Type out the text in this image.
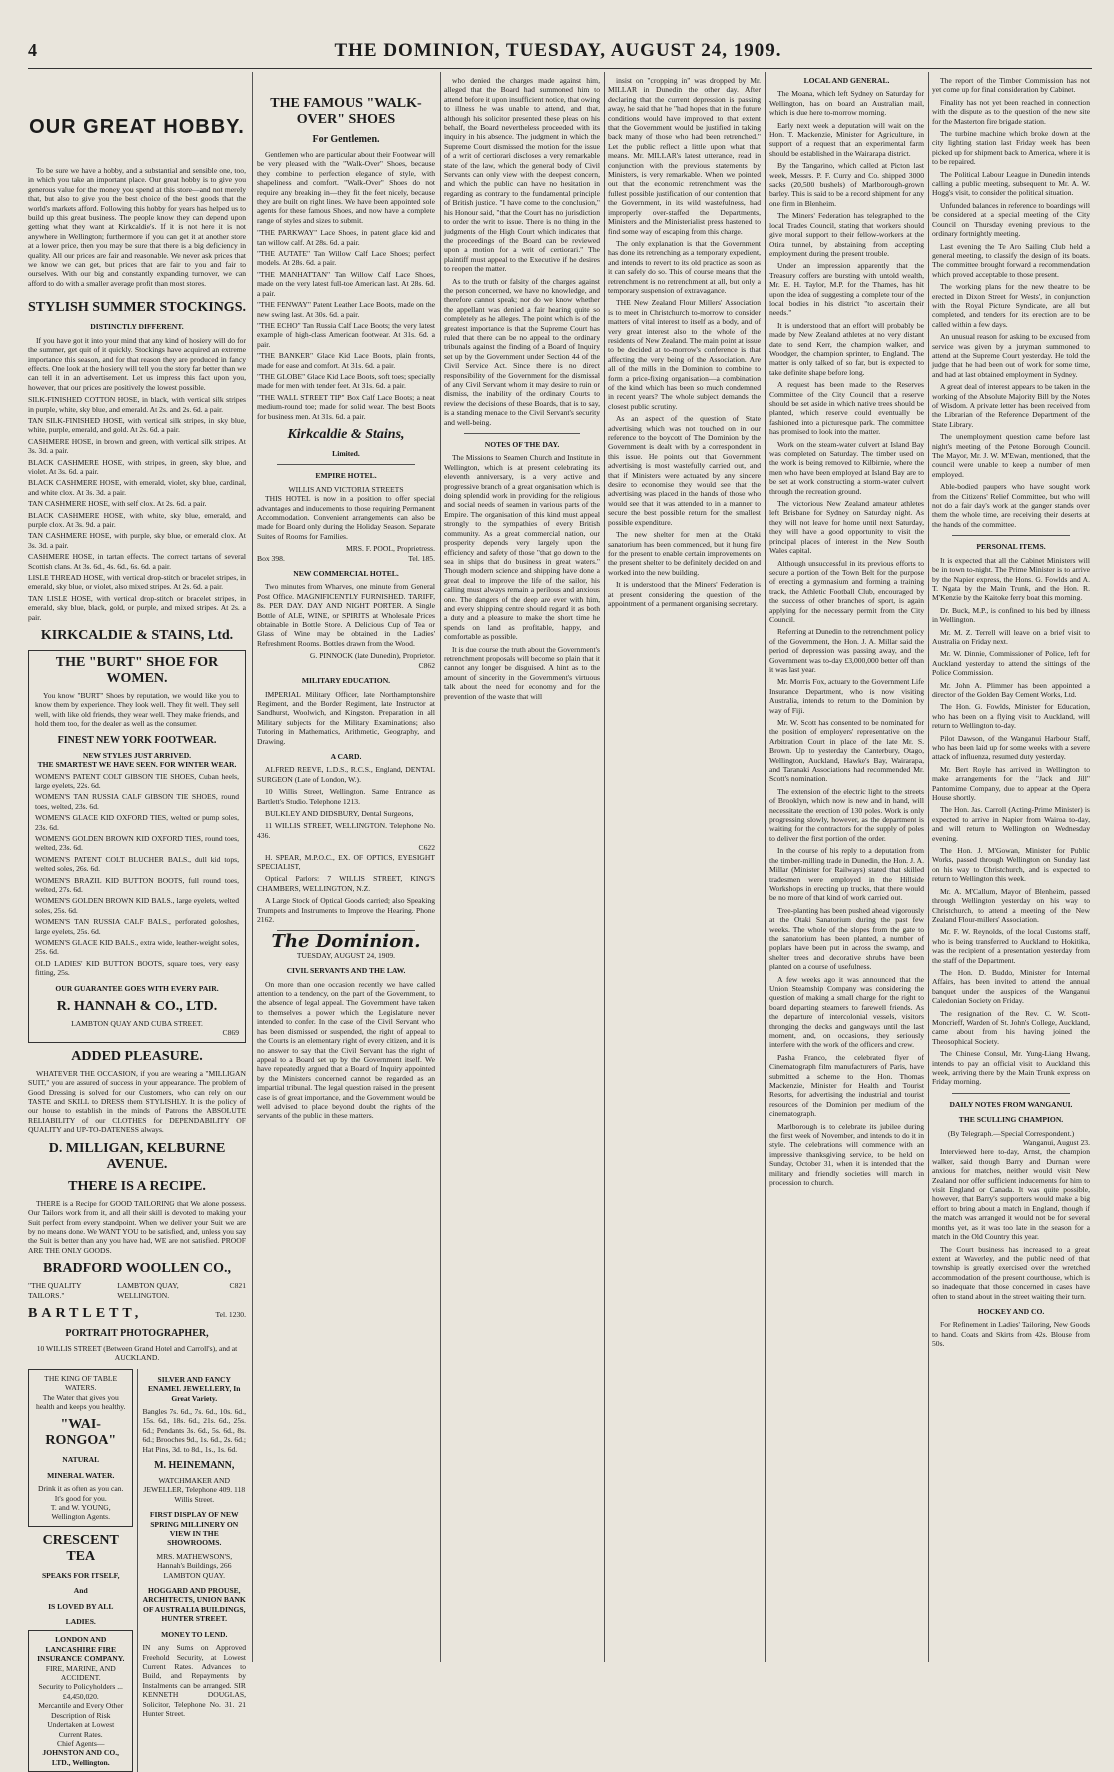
4	THE DOMINION, TUESDAY, AUGUST 24, 1909.
OUR GREAT HOBBY.

To be sure we have a hobby, and a substantial and sensible one, too, in which you take an important place. Our great hobby is to give you generous value for the money you spend at this store—and not merely that, but also to give you the best choice of the best goods that the world's markets afford. Following this hobby for years has helped us to build up this great business. The people know they can depend upon getting what they want at Kirkcaldie's. If it is not here it is not anywhere in Wellington; furthermore if you can get it at another store at a lower price, then you may be sure that there is a big deficiency in quality. All our prices are fair and reasonable. We never ask prices that we know we can get, but prices that are fair to you and fair to ourselves. With our big and constantly expanding turnover, we can afford to do with a smaller average profit than most stores.

STYLISH SUMMER STOCKINGS.
DISTINCTLY DIFFERENT.

If you have got it into your mind that any kind of hosiery will do for the summer, get quit of it quickly. Stockings have acquired an extreme importance this season, and for that reason they are produced in fancy effects. One look at the hosiery will tell you the story far better than we can tell it in an advertisement. Let us impress this fact upon you, however, that our prices are positively the lowest possible.

SILK-FINISHED COTTON HOSE, in black, with vertical silk stripes in purple, white, sky blue, and emerald. At 2s. and 2s. 6d. a pair.

TAN SILK-FINISHED HOSE, with vertical silk stripes, in sky blue, white, purple, emerald, and gold. At 2s. 6d. a pair.

CASHMERE HOSE, in brown and green, with vertical silk stripes. At 3s. 3d. a pair.

BLACK CASHMERE HOSE, with stripes, in green, sky blue, and violet. At 3s. 6d. a pair.

BLACK CASHMERE HOSE, with emerald, violet, sky blue, cardinal, and white clox. At 3s. 3d. a pair.

TAN CASHMERE HOSE, with self clox. At 2s. 6d. a pair.

BLACK CASHMERE HOSE, with white, sky blue, emerald, and purple clox. At 3s. 9d. a pair.

TAN CASHMERE HOSE, with purple, sky blue, or emerald clox. At 3s. 3d. a pair.

CASHMERE HOSE, in tartan effects. The correct tartans of several Scottish clans. At 3s. 6d., 4s. 6d., 6s. 6d. a pair.

LISLE THREAD HOSE, with vertical drop-stitch or bracelet stripes, in emerald, sky blue, or violet, also mixed stripes. At 2s. 6d. a pair.

TAN LISLE HOSE, with vertical drop-stitch or bracelet stripes, in emerald, sky blue, black, gold, or purple, and mixed stripes. At 2s. a pair.

KIRKCALDIE & STAINS, Ltd.
THE "BURT" SHOE FOR WOMEN.

You know "BURT" Shoes by reputation, we would like you to know them by experience. They look well. They fit well. They sell well, with like old friends, they wear well. They make friends, and hold them too, for the dealer as well as the consumer.

FINEST NEW YORK FOOTWEAR.
NEW STYLES JUST ARRIVED.
THE SMARTEST WE HAVE SEEN. FOR WINTER WEAR.

WOMEN'S PATENT COLT GIBSON TIE SHOES, Cuban heels, large eyelets, 22s. 6d.

WOMEN'S TAN RUSSIA CALF GIBSON TIE SHOES, round toes, welted, 23s. 6d.

WOMEN'S GLACE KID OXFORD TIES, welted or pump soles, 23s. 6d.

WOMEN'S GOLDEN BROWN KID OXFORD TIES, round toes, welted, 23s. 6d.

WOMEN'S PATENT COLT BLUCHER BALS., dull kid tops, welted soles, 26s. 6d.

WOMEN'S BRAZIL KID BUTTON BOOTS, full round toes, welted, 27s. 6d.

WOMEN'S GOLDEN BROWN KID BALS., large eyelets, welted soles, 25s. 6d.

WOMEN'S TAN RUSSIA CALF BALS., perforated goloshes, large eyelets, 25s. 6d.

WOMEN'S GLACE KID BALS., extra wide, leather-weight soles, 25s. 6d.

OLD LADIES' KID BUTTON BOOTS, square toes, very easy fitting, 25s.

OUR GUARANTEE GOES WITH EVERY PAIR.
R. HANNAH & CO., LTD.
LAMBTON QUAY AND CUBA STREET.
C869
ADDED PLEASURE.

WHATEVER THE OCCASION, if you are wearing a "MILLIGAN SUIT," you are assured of success in your appearance. The problem of Good Dressing is solved for our Customers, who can rely on our TASTE and SKILL to DRESS them STYLISHLY. It is the policy of our house to establish in the minds of Patrons the ABSOLUTE RELIABILITY of our CLOTHES for DEPENDABILITY OF QUALITY and UP-TO-DATENESS always.

D. MILLIGAN, KELBURNE AVENUE.
THERE IS A RECIPE.

THERE is a Recipe for GOOD TAILORING that We alone possess. Our Tailors work from it, and all their skill is devoted to making your Suit perfect from every standpoint. When we deliver your Suit we are by no means done. We WANT YOU to be satisfied, and, unless you say the Suit is better than any you have had, WE are not satisfied. PROOF ARE THE ONLY GOODS.

BRADFORD WOOLLEN CO.,
"THE QUALITY TAILORS."
LAMBTON QUAY, WELLINGTON.
C821
BARTLETT,	Tel. 1230.
PORTRAIT PHOTOGRAPHER,
10 WILLIS STREET (Between Grand Hotel and Carroll's), and at AUCKLAND.
THE KING OF TABLE WATERS.
The Water that gives you health and keeps you healthy.
"WAI-RONGOA"
NATURAL
MINERAL WATER.
Drink it as often as you can. It's good for you.
T. and W. YOUNG, Wellington Agents.
CRESCENT TEA
SPEAKS FOR ITSELF,
And
IS LOVED BY ALL
LADIES.
LONDON AND LANCASHIRE FIRE INSURANCE COMPANY.
FIRE, MARINE, AND ACCIDENT.
Security to Policyholders ... £4,450,020.
Mercantile and Every Other Description of Risk Undertaken at Lowest Current Rates.
Chief Agents—
JOHNSTON AND CO., LTD., Wellington.
SILVER AND FANCY ENAMEL JEWELLERY, In Great Variety.

Bangles 7s. 6d., 7s. 6d., 10s. 6d., 15s. 6d., 18s. 6d., 21s. 6d., 25s. 6d.; Pendants 3s. 6d., 5s. 6d., 8s. 6d.; Brooches 9d., 1s. 6d., 2s. 6d.; Hat Pins, 3d. to 8d., 1s., 1s. 6d.

M. HEINEMANN,
WATCHMAKER AND JEWELLER, Telephone 409. 118 Willis Street.
FIRST DISPLAY OF NEW SPRING MILLINERY ON VIEW IN THE SHOWROOMS.
MRS. MATHEWSON'S, Hannah's Buildings, 266 LAMBTON QUAY.
HOGGARD AND PROUSE, ARCHITECTS, UNION BANK OF AUSTRALIA BUILDINGS, HUNTER STREET.
MONEY TO LEND.

IN any Sums on Approved Freehold Security, at Lowest Current Rates. Advances to Build, and Repayments by Instalments can be arranged. SIR KENNETH DOUGLAS, Solicitor, Telephone No. 31. 21 Hunter Street.

THE FAMOUS "WALK-OVER" SHOES
For Gentlemen.

Gentlemen who are particular about their Footwear will be very pleased with the "Walk-Over" Shoes, because they combine to perfection elegance of style, with shapeliness and comfort. "Walk-Over" Shoes do not require any breaking in—they fit the feet nicely, because they are built on right lines. We have been appointed sole agents for these famous Shoes, and now have a complete range of styles and sizes to submit.

"THE PARKWAY" Lace Shoes, in patent glace kid and tan willow calf. At 28s. 6d. a pair.

"THE AUTATE" Tan Willow Calf Lace Shoes; perfect models. At 28s. 6d. a pair.

"THE MANHATTAN" Tan Willow Calf Lace Shoes, made on the very latest full-toe American last. At 28s. 6d. a pair.

"THE FENWAY" Patent Leather Lace Boots, made on the new swing last. At 30s. 6d. a pair.

"THE ECHO" Tan Russia Calf Lace Boots; the very latest example of high-class American footwear. At 31s. 6d. a pair.

"THE BANKER" Glace Kid Lace Boots, plain fronts, made for ease and comfort. At 31s. 6d. a pair.

"THE GLOBE" Glace Kid Lace Boots, soft toes; specially made for men with tender feet. At 31s. 6d. a pair.

"THE WALL STREET TIP" Box Calf Lace Boots; a neat medium-round toe; made for solid wear. The best Boots for business men. At 31s. 6d. a pair.

Kirkcaldie & Stains,
Limited.
EMPIRE HOTEL.
WILLIS AND VICTORIA STREETS

THIS HOTEL is now in a position to offer special advantages and inducements to those requiring Permanent Accommodation. Convenient arrangements can also be made for Board only during the Holiday Season. Separate Suites of Rooms for Families.

MRS. F. POOL, Proprietress.
Box 398.	Tel. 185.
NEW COMMERCIAL HOTEL.

Two minutes from Wharves, one minute from General Post Office. MAGNIFICENTLY FURNISHED. TARIFF, 8s. PER DAY. DAY AND NIGHT PORTER. A Single Bottle of ALE, WINE, or SPIRITS at Wholesale Prices obtainable in Bottle Store. A Delicious Cup of Tea or Glass of Wine may be obtained in the Ladies' Refreshment Rooms. Bottles drawn from the Wood.

G. PINNOCK (late Dunedin), Proprietor.
C862
MILITARY EDUCATION.

IMPERIAL Military Officer, late Northamptonshire Regiment, and the Border Regiment, late Instructor at Sandhurst, Woolwich, and Kingston. Preparation in all Military subjects for the Military Examinations; also Tutoring in Mathematics, Arithmetic, Geography, and Drawing.

A CARD.

ALFRED REEVE, L.D.S., R.C.S., England, DENTAL SURGEON (Late of London, W.).

10 Willis Street, Wellington. Same Entrance as Bartlett's Studio. Telephone 1213.

BULKLEY AND DIDSBURY, Dental Surgeons,

11 WILLIS STREET, WELLINGTON. Telephone No. 436.

C622

H. SPEAR, M.P.O.C., EX. OF OPTICS, EYESIGHT SPECIALIST,

Optical Parlors: 7 WILLIS STREET, KING'S CHAMBERS, WELLINGTON, N.Z.

A Large Stock of Optical Goods carried; also Speaking Trumpets and Instruments to Improve the Hearing. Phone 2162.

The Dominion.
TUESDAY, AUGUST 24, 1909.
CIVIL SERVANTS AND THE LAW.

On more than one occasion recently we have called attention to a tendency, on the part of the Government, to the absence of legal appeal. The Government have taken to themselves a power which the Legislature never intended to confer. In the case of the Civil Servant who has been dismissed or suspended, the right of appeal to the Courts is an elementary right of every citizen, and it is no answer to say that the Civil Servant has the right of appeal to a Board set up by the Government itself. We have repeatedly argued that a Board of Inquiry appointed by the Ministers concerned cannot be regarded as an impartial tribunal. The legal question raised in the present case is of great importance, and the Government would be well advised to place beyond doubt the rights of the servants of the public in these matters.

who denied the charges made against him, alleged that the Board had summoned him to attend before it upon insufficient notice, that owing to illness he was unable to attend, and that, although his solicitor presented these pleas on his behalf, the Board nevertheless proceeded with its inquiry in his absence. The judgment in which the Supreme Court dismissed the motion for the issue of a writ of certiorari discloses a very remarkable state of the law, which the general body of Civil Servants can only view with the deepest concern, and which the public can have no hesitation in regarding as contrary to the fundamental principle of British justice. "I have come to the conclusion," his Honour said, "that the Court has no jurisdiction to order the writ to issue. There is no thing in the judgments of the High Court which indicates that the proceedings of the Board can be reviewed upon a motion for a writ of certiorari." The plaintiff must appeal to the Executive if he desires to reopen the matter.

As to the truth or falsity of the charges against the person concerned, we have no knowledge, and therefore cannot speak; nor do we know whether the appellant was denied a fair hearing quite so completely as he alleges. The point which is of the greatest importance is that the Supreme Court has ruled that there can be no appeal to the ordinary tribunals against the finding of a Board of Inquiry set up by the Government under Section 44 of the Civil Service Act. Since there is no direct responsibility of the Government for the dismissal of any Civil Servant whom it may desire to ruin or dismiss, the inability of the ordinary Courts to review the decisions of these Boards, that is to say, is a standing menace to the Civil Servant's security and well-being.

NOTES OF THE DAY.

The Missions to Seamen Church and Institute in Wellington, which is at present celebrating its eleventh anniversary, is a very active and progressive branch of a great organisation which is doing splendid work in providing for the religious and social needs of seamen in various parts of the Empire. The organisation of this kind must appeal strongly to the sympathies of every British community. As a great commercial nation, our prosperity depends very largely upon the efficiency and safety of those "that go down to the sea in ships that do business in great waters." Though modern science and shipping have done a great deal to improve the life of the sailor, his calling must always remain a perilous and anxious one. The dangers of the deep are ever with him, and every shipping centre should regard it as both a duty and a pleasure to make the short time he spends on land as profitable, happy, and comfortable as possible.

It is due course the truth about the Government's retrenchment proposals will become so plain that it cannot any longer be disguised. A hint as to the amount of sincerity in the Government's virtuous talk about the need for economy and for the prevention of the waste that will

insist on "cropping in" was dropped by Mr. MILLAR in Dunedin the other day. After declaring that the current depression is passing away, he said that he "had hopes that in the future conditions would have improved to that extent that the Government would be justified in taking back many of those who had been retrenched." Let the public reflect a little upon what that means. Mr. MILLAR's latest utterance, read in conjunction with the previous statements by Ministers, is very remarkable. When we pointed out that the economic retrenchment was the fullest possible justification of our contention that the Government, in its wild wastefulness, had improperly over-staffed the Departments, Ministers and the Ministerialist press hastened to find some way of escaping from this charge.

The only explanation is that the Government has done its retrenching as a temporary expedient, and intends to revert to its old practice as soon as it can safely do so. This of course means that the retrenchment is no retrenchment at all, but only a temporary suspension of extravagance.

THE New Zealand Flour Millers' Association is to meet in Christchurch to-morrow to consider matters of vital interest to itself as a body, and of very great interest also to the whole of the residents of New Zealand. The main point at issue to be decided at to-morrow's conference is that affecting the very being of the Association. Are all of the mills in the Dominion to combine to form a price-fixing organisation—a combination of the kind which has been so much condemned in recent years? The whole subject demands the closest public scrutiny.

As an aspect of the question of State advertising which was not touched on in our reference to the boycott of The Dominion by the Government is dealt with by a correspondent in this issue. He points out that Government advertising is most wastefully carried out, and that if Ministers were actuated by any sincere desire to economise they would see that the advertising was placed in the hands of those who would see that it was attended to in a manner to secure the best possible return for the smallest possible expenditure.

The new shelter for men at the Otaki sanatorium has been commenced, but it hung fire for the present to enable certain improvements on the present shelter to be definitely decided on and worked into the new building.

It is understood that the Miners' Federation is at present considering the question of the appointment of a permanent organising secretary.

LOCAL AND GENERAL.

The Moana, which left Sydney on Saturday for Wellington, has on board an Australian mail, which is due here to-morrow morning.

Early next week a deputation will wait on the Hon. T. Mackenzie, Minister for Agriculture, in support of a request that an experimental farm should be established in the Wairarapa district.

By the Tangarino, which called at Picton last week, Messrs. P. F. Curry and Co. shipped 3000 sacks (20,500 bushels) of Marlborough-grown barley. This is said to be a record shipment for any one firm in Blenheim.

The Miners' Federation has telegraphed to the local Trades Council, stating that workers should give moral support to their fellow-workers at the Otira tunnel, by abstaining from accepting employment during the present trouble.

Under an impression apparently that the Treasury coffers are bursting with untold wealth, Mr. E. H. Taylor, M.P. for the Thames, has hit upon the idea of suggesting a complete tour of the local bodies in his district "to ascertain their needs."

It is understood that an effort will probably be made by New Zealand athletes at no very distant date to send Kerr, the champion walker, and Woodger, the champion sprinter, to England. The matter is only talked of so far, but is expected to take definite shape before long.

A request has been made to the Reserves Committee of the City Council that a reserve should be set aside in which native trees should be planted, which reserve could eventually be fashioned into a picturesque park. The committee has promised to look into the matter.

Work on the steam-water culvert at Island Bay was completed on Saturday. The timber used on the work is being removed to Kilbirnie, where the men who have been employed at Island Bay are to be set at work constructing a storm-water culvert through the recreation ground.

The victorious New Zealand amateur athletes left Brisbane for Sydney on Saturday night. As they will not leave for home until next Saturday, they will have a good opportunity to visit the principal places of interest in the New South Wales capital.

Although unsuccessful in its previous efforts to secure a portion of the Town Belt for the purpose of erecting a gymnasium and forming a training track, the Athletic Football Club, encouraged by the success of other branches of sport, is again applying for the necessary permit from the City Council.

Referring at Dunedin to the retrenchment policy of the Government, the Hon. J. A. Millar said the period of depression was passing away, and the Government was to-day £3,000,000 better off than it was last year.

Mr. Morris Fox, actuary to the Government Life Insurance Department, who is now visiting Australia, intends to return to the Dominion by way of Fiji.

Mr. W. Scott has consented to be nominated for the position of employers' representative on the Arbitration Court in place of the late Mr. S. Brown. Up to yesterday the Canterbury, Otago, Wellington, Auckland, Hawke's Bay, Wairarapa, and Taranaki Associations had recommended Mr. Scott's nomination.

The extension of the electric light to the streets of Brooklyn, which now is new and in hand, will necessitate the erection of 130 poles. Work is only progressing slowly, however, as the department is waiting for the contractors for the supply of poles to deliver the first portion of the order.

In the course of his reply to a deputation from the timber-milling trade in Dunedin, the Hon. J. A. Millar (Minister for Railways) stated that skilled tradesmen were employed in the Hillside Workshops in erecting up trucks, that there would be no more of that kind of work carried out.

Tree-planting has been pushed ahead vigorously at the Otaki Sanatorium during the past few weeks. The whole of the slopes from the gate to the sanatorium has been planted, a number of poplars have been put in across the swamp, and shelter trees and decorative shrubs have been planted on a course of usefulness.

A few weeks ago it was announced that the Union Steamship Company was considering the question of making a small charge for the right to board departing steamers to farewell friends. As the departure of intercolonial vessels, visitors thronging the decks and gangways until the last moment, and, on occasions, they seriously interfere with the work of the officers and crew.

Pasha Franco, the celebrated flyer of Cinematograph film manufacturers of Paris, have submitted a scheme to the Hon. Thomas Mackenzie, Minister for Health and Tourist Resorts, for advertising the industrial and tourist resources of the Dominion per medium of the cinematograph.

Marlborough is to celebrate its jubilee during the first week of November, and intends to do it in style. The celebrations will commence with an impressive thanksgiving service, to be held on Sunday, October 31, when it is intended that the military and friendly societies will march in procession to church.

The report of the Timber Commission has not yet come up for final consideration by Cabinet.

Finality has not yet been reached in connection with the dispute as to the question of the new site for the Masterton fire brigade station.

The turbine machine which broke down at the city lighting station last Friday week has been picked up for shipment back to America, where it is to be repaired.

The Political Labour League in Dunedin intends calling a public meeting, subsequent to Mr. A. W. Hogg's visit, to consider the political situation.

Unfunded balances in reference to boardings will be considered at a special meeting of the City Council on Thursday evening previous to the ordinary fortnightly meeting.

Last evening the Te Aro Sailing Club held a general meeting, to classify the design of its boats. The committee brought forward a recommendation which proved acceptable to those present.

The working plans for the new theatre to be erected in Dixon Street for Wests', in conjunction with the Royal Picture Syndicate, are all but completed, and tenders for its erection are to be called within a few days.

An unusual reason for asking to be excused from service was given by a juryman summoned to attend at the Supreme Court yesterday. He told the judge that he had been out of work for some time, and had at last obtained employment in Sydney.

A great deal of interest appears to be taken in the working of the Absolute Majority Bill by the Notes of Wisdom. A private letter has been received from the Librarian of the Reference Department of the State Library.

The unemployment question came before last night's meeting of the Petone Borough Council. The Mayor, Mr. J. W. M'Ewan, mentioned, that the council were unable to keep a number of men employed.

Able-bodied paupers who have sought work from the Citizens' Relief Committee, but who will not do a fair day's work at the ganger stands over them the whole time, are receiving their deserts at the hands of the committee.

PERSONAL ITEMS.

It is expected that all the Cabinet Ministers will be in town to-night. The Prime Minister is to arrive by the Napier express, the Hons. G. Fowlds and A. T. Ngata by the Main Trunk, and the Hon. R. M'Kenzie by the Kaitoke ferry boat this morning.

Dr. Buck, M.P., is confined to his bed by illness in Wellington.

Mr. M. Z. Terrell will leave on a brief visit to Australia on Friday next.

Mr. W. Dinnie, Commissioner of Police, left for Auckland yesterday to attend the sittings of the Police Commission.

Mr. John A. Plimmer has been appointed a director of the Golden Bay Cement Works, Ltd.

The Hon. G. Fowlds, Minister for Education, who has been on a flying visit to Auckland, will return to Wellington to-day.

Pilot Dawson, of the Wanganui Harbour Staff, who has been laid up for some weeks with a severe attack of influenza, resumed duty yesterday.

Mr. Bert Royle has arrived in Wellington to make arrangements for the "Jack and Jill" Pantomime Company, due to appear at the Opera House shortly.

The Hon. Jas. Carroll (Acting-Prime Minister) is expected to arrive in Napier from Wairoa to-day, and will return to Wellington on Wednesday evening.

The Hon. J. M'Gowan, Minister for Public Works, passed through Wellington on Sunday last on his way to Christchurch, and is expected to return to Wellington this week.

Mr. A. M'Callum, Mayor of Blenheim, passed through Wellington yesterday on his way to Christchurch, to attend a meeting of the New Zealand Flour-millers' Association.

Mr. F. W. Reynolds, of the local Customs staff, who is being transferred to Auckland to Hokitika, was the recipient of a presentation yesterday from the staff of the Department.

The Hon. D. Buddo, Minister for Internal Affairs, has been invited to attend the annual banquet under the auspices of the Wanganui Caledonian Society on Friday.

The resignation of the Rev. C. W. Scott-Moncrieff, Warden of St. John's College, Auckland, came about from his having joined the Theosophical Society.

The Chinese Consul, Mr. Yung-Liang Hwang, intends to pay an official visit to Auckland this week, arriving there by the Main Trunk express on Friday morning.

DAILY NOTES FROM WANGANUI.
THE SCULLING CHAMPION.
(By Telegraph.—Special Correspondent.)
Wanganui, August 23.

Interviewed here to-day, Arnst, the champion walker, said though Barry and Durnan were anxious for matches, neither would visit New Zealand nor offer sufficient inducements for him to visit England or Canada. It was quite possible, however, that Barry's supporters would make a big effort to bring about a match in England, though if the match was arranged it would not be for several months yet, as it was too late in the season for a match in the Old Country this year.

The Court business has increased to a great extent at Waverley, and the public need of that township is greatly exercised over the wretched accommodation of the present courthouse, which is so inadequate that those concerned in cases have often to stand about in the street waiting their turn.

HOCKEY AND CO.

For Refinement in Ladies' Tailoring, New Goods to hand. Coats and Skirts from 42s. Blouse from 50s.
